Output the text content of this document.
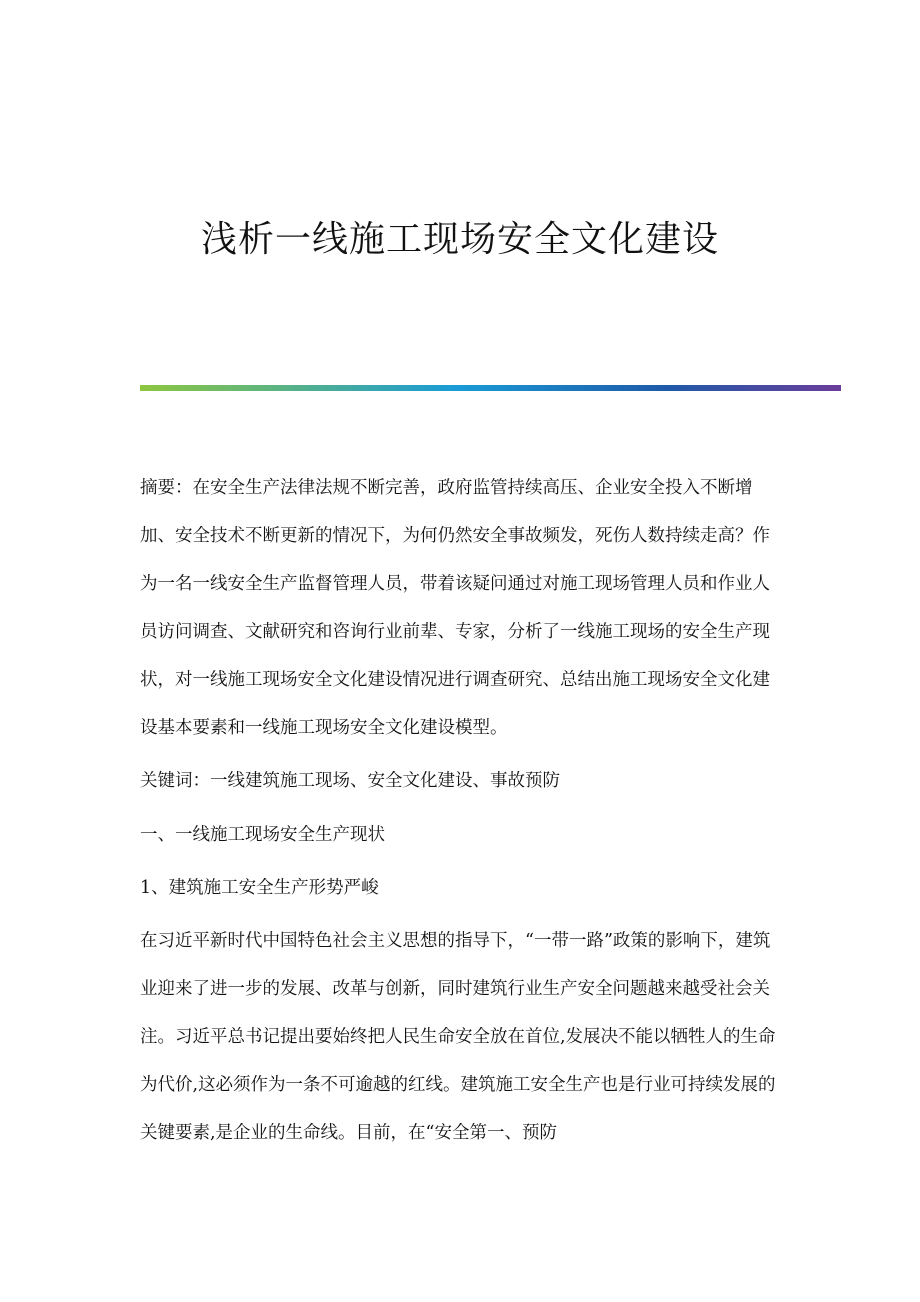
浅析一线施工现场安全文化建设

摘要：在安全生产法律法规不断完善，政府监管持续高压、企业安全投入不断增加、安全技术不断更新的情况下，为何仍然安全事故频发，死伤人数持续走高？作为一名一线安全生产监督管理人员，带着该疑问通过对施工现场管理人员和作业人员访问调查、文献研究和咨询行业前辈、专家，分析了一线施工现场的安全生产现状，对一线施工现场安全文化建设情况进行调查研究、总结出施工现场安全文化建设基本要素和一线施工现场安全文化建设模型。

关键词：一线建筑施工现场、安全文化建设、事故预防

一、一线施工现场安全生产现状

1、建筑施工安全生产形势严峻

在习近平新时代中国特色社会主义思想的指导下，“一带一路”政策的影响下，建筑业迎来了进一步的发展、改革与创新，同时建筑行业生产安全问题越来越受社会关注。习近平总书记提出要始终把人民生命安全放在首位,发展决不能以牺牲人的生命为代价,这必须作为一条不可逾越的红线。建筑施工安全生产也是行业可持续发展的关键要素,是企业的生命线。目前，在“安全第一、预防
